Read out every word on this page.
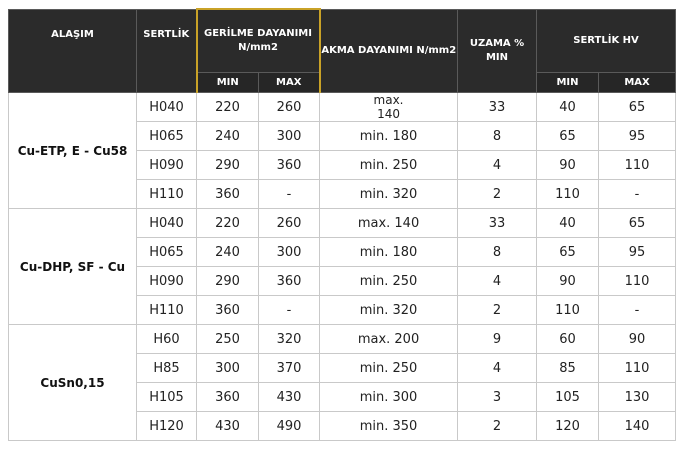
ALAŞIM	SERTLİK	GERİLME DAYANIMI N/mm2		AKMA DAYANIMI N/mm2	UZAMA % MIN	SERTLİK HV	
		MIN	MAX			MIN	MAX
Cu-ETP, E - Cu58	H040	220	260	max. 140	33	40	65
	H065	240	300	min. 180	8	65	95
	H090	290	360	min. 250	4	90	110
	H110	360	-	min. 320	2	110	-
Cu-DHP, SF - Cu	H040	220	260	max. 140	33	40	65
	H065	240	300	min. 180	8	65	95
	H090	290	360	min. 250	4	90	110
	H110	360	-	min. 320	2	110	-
CuSn0,15	H60	250	320	max. 200	9	60	90
	H85	300	370	min. 250	4	85	110
	H105	360	430	min. 300	3	105	130
	H120	430	490	min. 350	2	120	140
